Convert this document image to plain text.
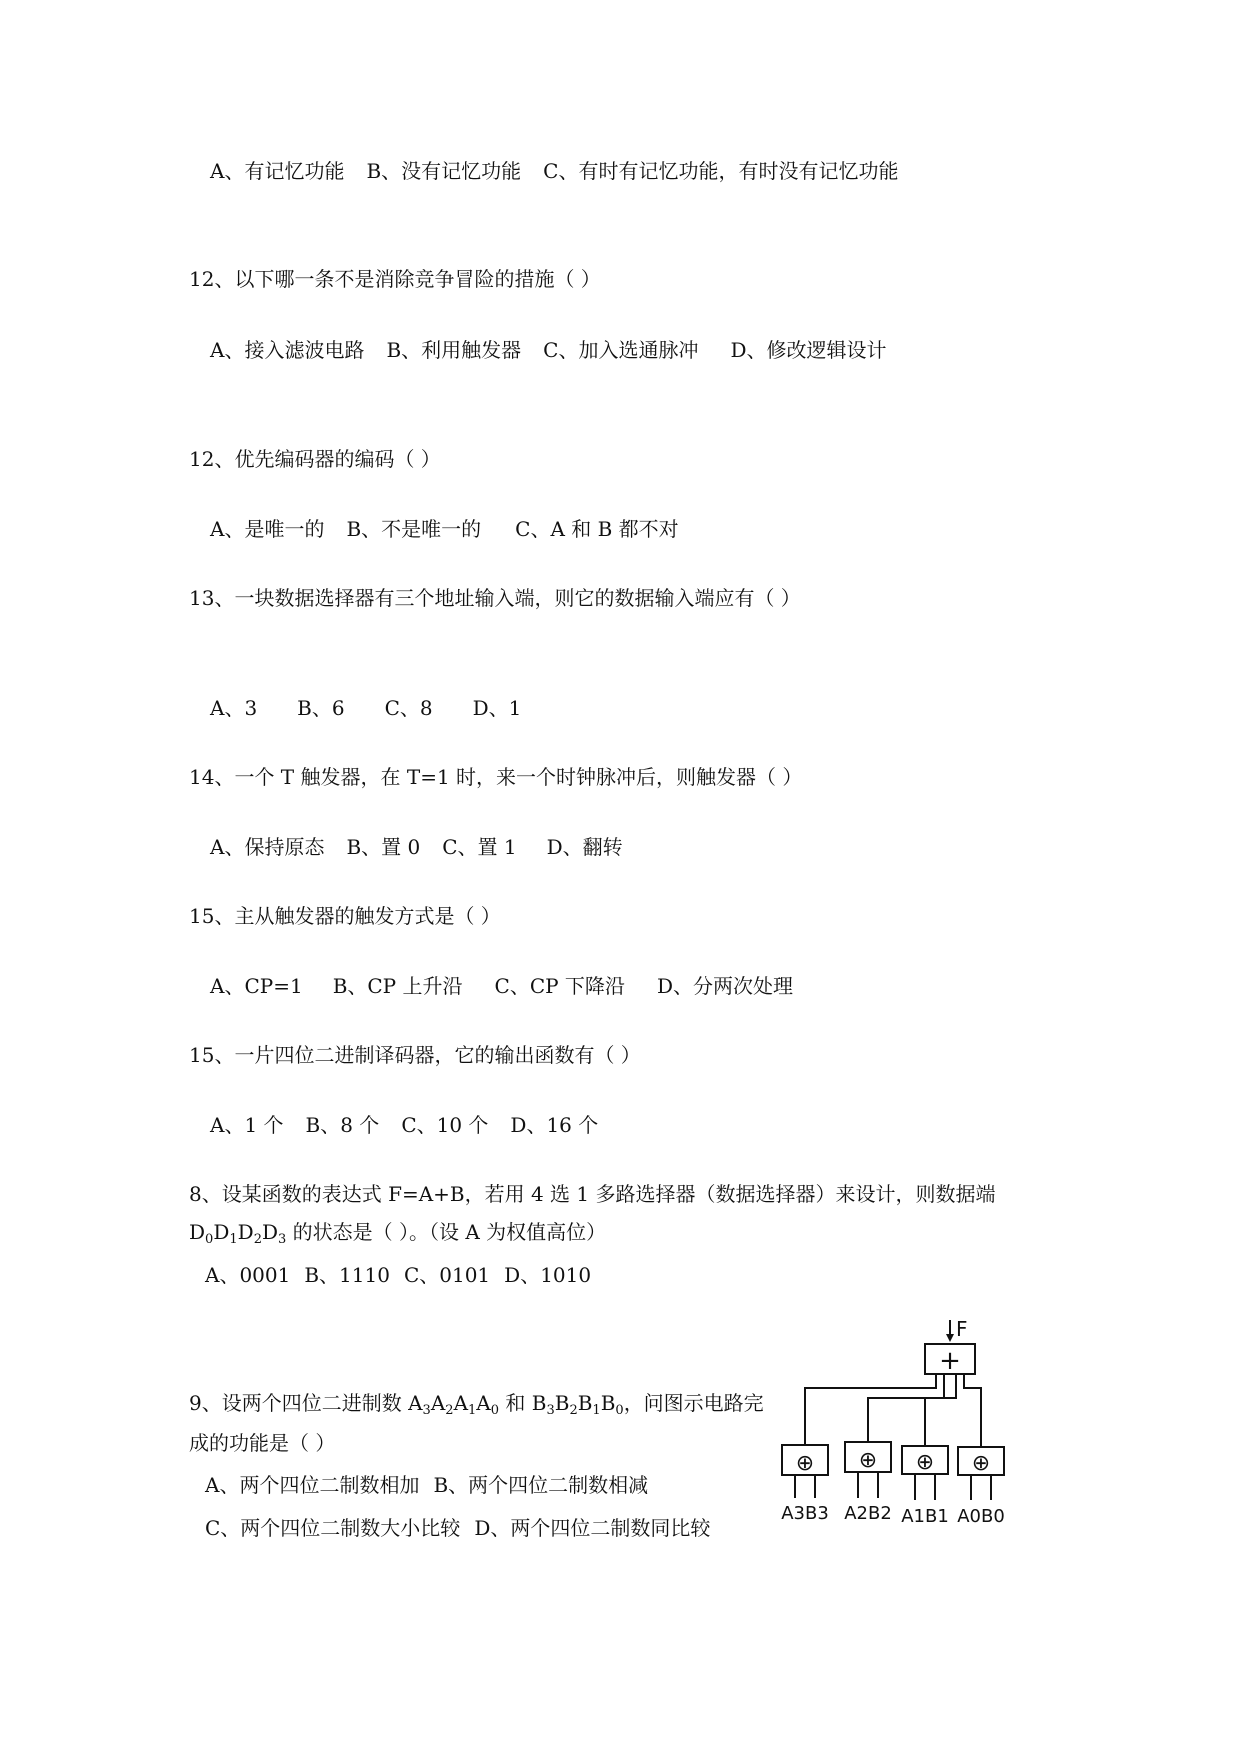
A、有记忆功能 B、没有记忆功能 C、有时有记忆功能，有时没有记忆功能
12、以下哪一条不是消除竞争冒险的措施（ ）
A、接入滤波电路 B、利用触发器 C、加入选通脉冲 D、修改逻辑设计
12、优先编码器的编码（ ）
A、是唯一的 B、不是唯一的 C、A 和 B 都不对
13、一块数据选择器有三个地址输入端，则它的数据输入端应有（ ）
A、3 B、6 C、8 D、1
14、一个 T 触发器，在 T=1 时，来一个时钟脉冲后，则触发器（ ）
A、保持原态 B、置 0 C、置 1 D、翻转
15、主从触发器的触发方式是（ ）
A、CP=1 B、CP 上升沿 C、CP 下降沿 D、分两次处理
15、一片四位二进制译码器，它的输出函数有（ ）
A、1 个 B、8 个 C、10 个 D、16 个
8、设某函数的表达式 F=A+B，若用 4 选 1 多路选择器（数据选择器）来设计，则数据端
$D_0D_1D_2D_3$ 的状态是（ ）。（设 A 为权值高位）
A、0001 B、1110 C、0101 D、1010
9、设两个四位二进制数 $A_3A_2A_1A_0$ 和 $B_3B_2B_1B_0$，问图示电路完
成的功能是（ ）
A、两个四位二制数相加 B、两个四位二制数相减
C、两个四位二制数大小比较 D、两个四位二制数同比较
F
+
⊕
A3B3
⊕
A2B2
⊕
A1B1
⊕
A0B0
